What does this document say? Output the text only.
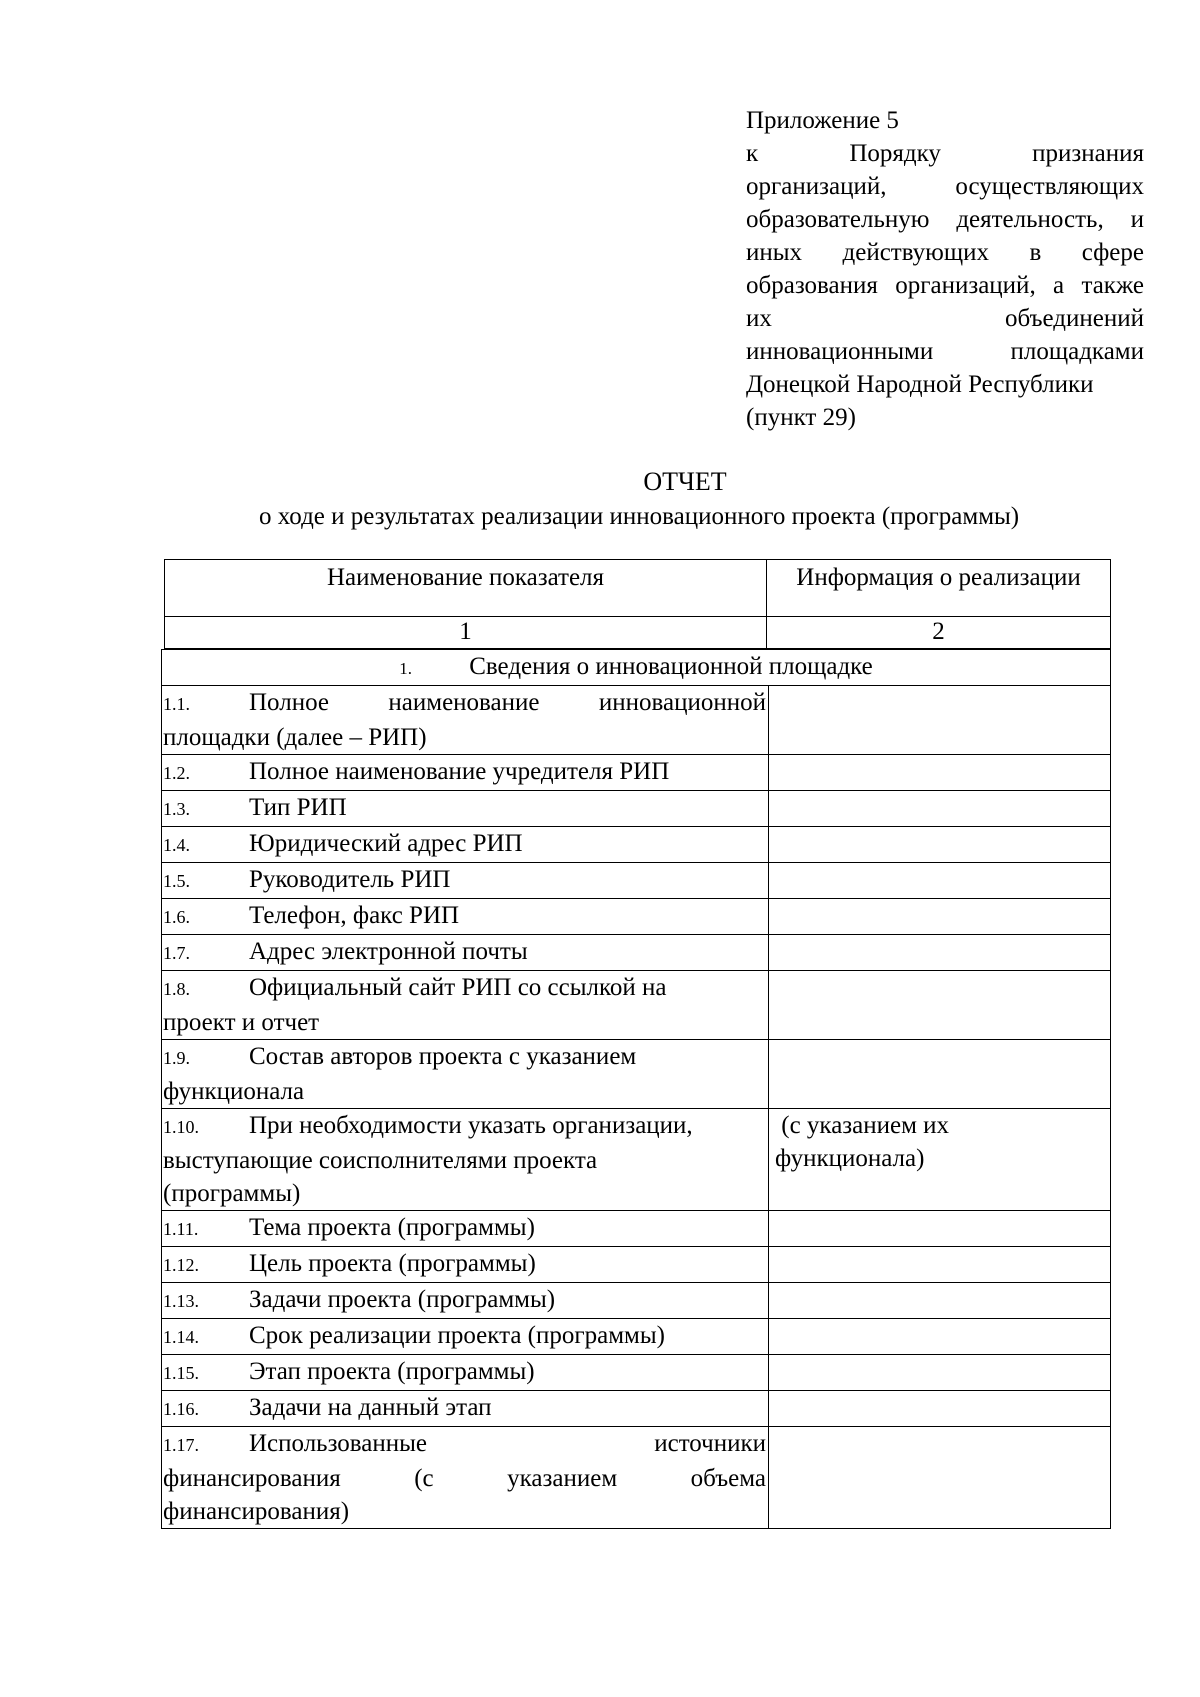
Приложение 5
к Порядку признания
организаций, осуществляющих
образовательную деятельность, и
иных действующих в сфере
образования организаций, а также
их объединений
инновационными площадками
Донецкой Народной Республики
(пункт 29)
ОТЧЕТ

о ходе и результатах реализации инновационного проекта (программы)

Наименование показателя	Информация о реализации
1	2
1. Сведения о инновационной площадке	

1.1. Полное наименование инновационной
площадки (далее – РИП)	

1.2. Полное наименование учредителя РИП	

1.3. Тип РИП	

1.4. Юридический адрес РИП	

1.5. Руководитель РИП	

1.6. Телефон, факс РИП	

1.7. Адрес электронной почты	

1.8. Официальный сайт РИП со ссылкой на
проект и отчет	

1.9. Состав авторов проекта с указанием
функционала	

1.10. При необходимости указать организации,
выступающие соисполнителями проекта
(программы)	(с указанием их
функционала)

1.11. Тема проекта (программы)	

1.12. Цель проекта (программы)	

1.13. Задачи проекта (программы)	

1.14. Срок реализации проекта (программы)	

1.15. Этап проекта (программы)	

1.16. Задачи на данный этап	

1.17. Использованные источники
финансирования (с указанием объема
финансирования)	
